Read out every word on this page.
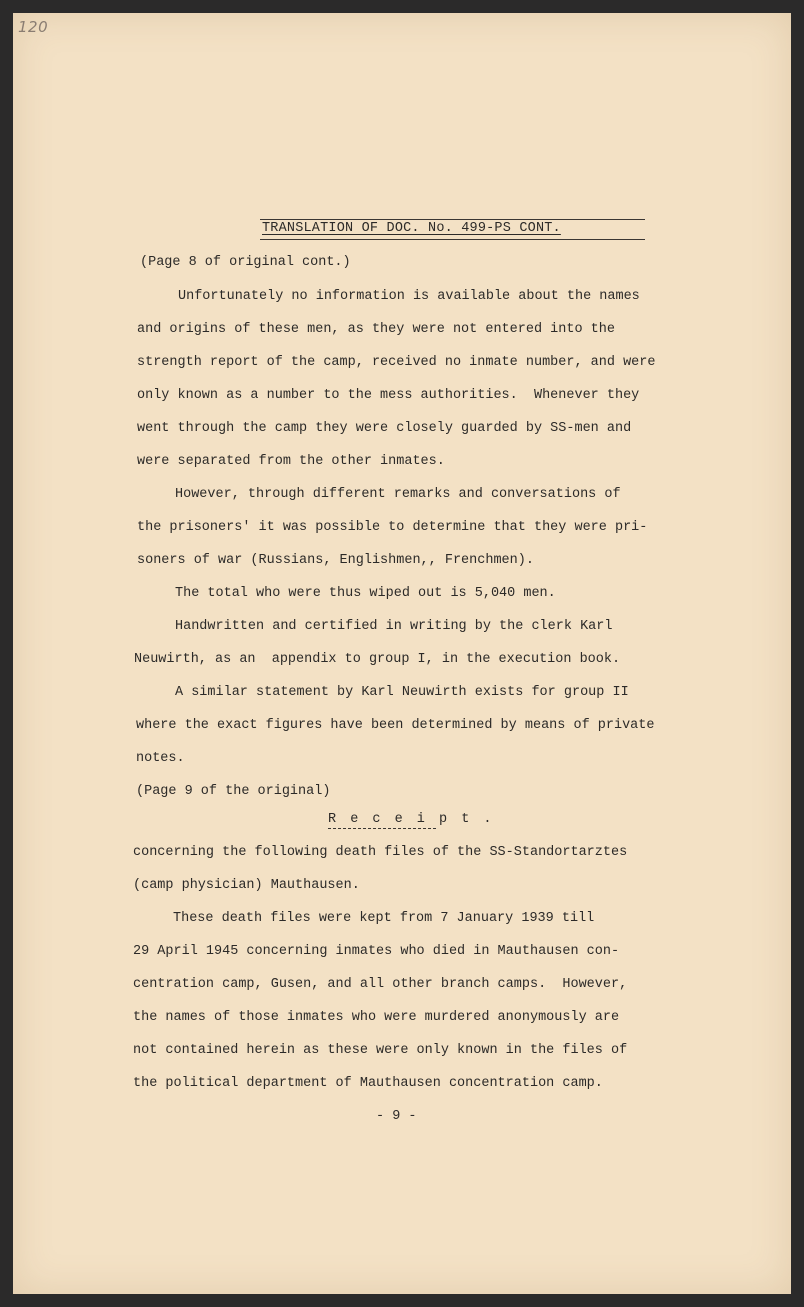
120
TRANSLATION OF DOC. No. 499-PS CONT.
(Page 8 of original cont.)
Unfortunately no information is available about the names
and origins of these men, as they were not entered into the
strength report of the camp, received no inmate number, and were
only known as a number to the mess authorities.  Whenever they
went through the camp they were closely guarded by SS-men and
were separated from the other inmates.
However, through different remarks and conversations of
the prisoners' it was possible to determine that they were pri-
soners of war (Russians, Englishmen,, Frenchmen).
The total who were thus wiped out is 5,040 men.
Handwritten and certified in writing by the clerk Karl
Neuwirth, as an  appendix to group I, in the execution book.
A similar statement by Karl Neuwirth exists for group II
where the exact figures have been determined by means of private
notes.
(Page 9 of the original)
R e c e i p t .
concerning the following death files of the SS-Standortarztes
(camp physician) Mauthausen.
These death files were kept from 7 January 1939 till
29 April 1945 concerning inmates who died in Mauthausen con-
centration camp, Gusen, and all other branch camps.  However,
the names of those inmates who were murdered anonymously are
not contained herein as these were only known in the files of
the political department of Mauthausen concentration camp.
- 9 -
